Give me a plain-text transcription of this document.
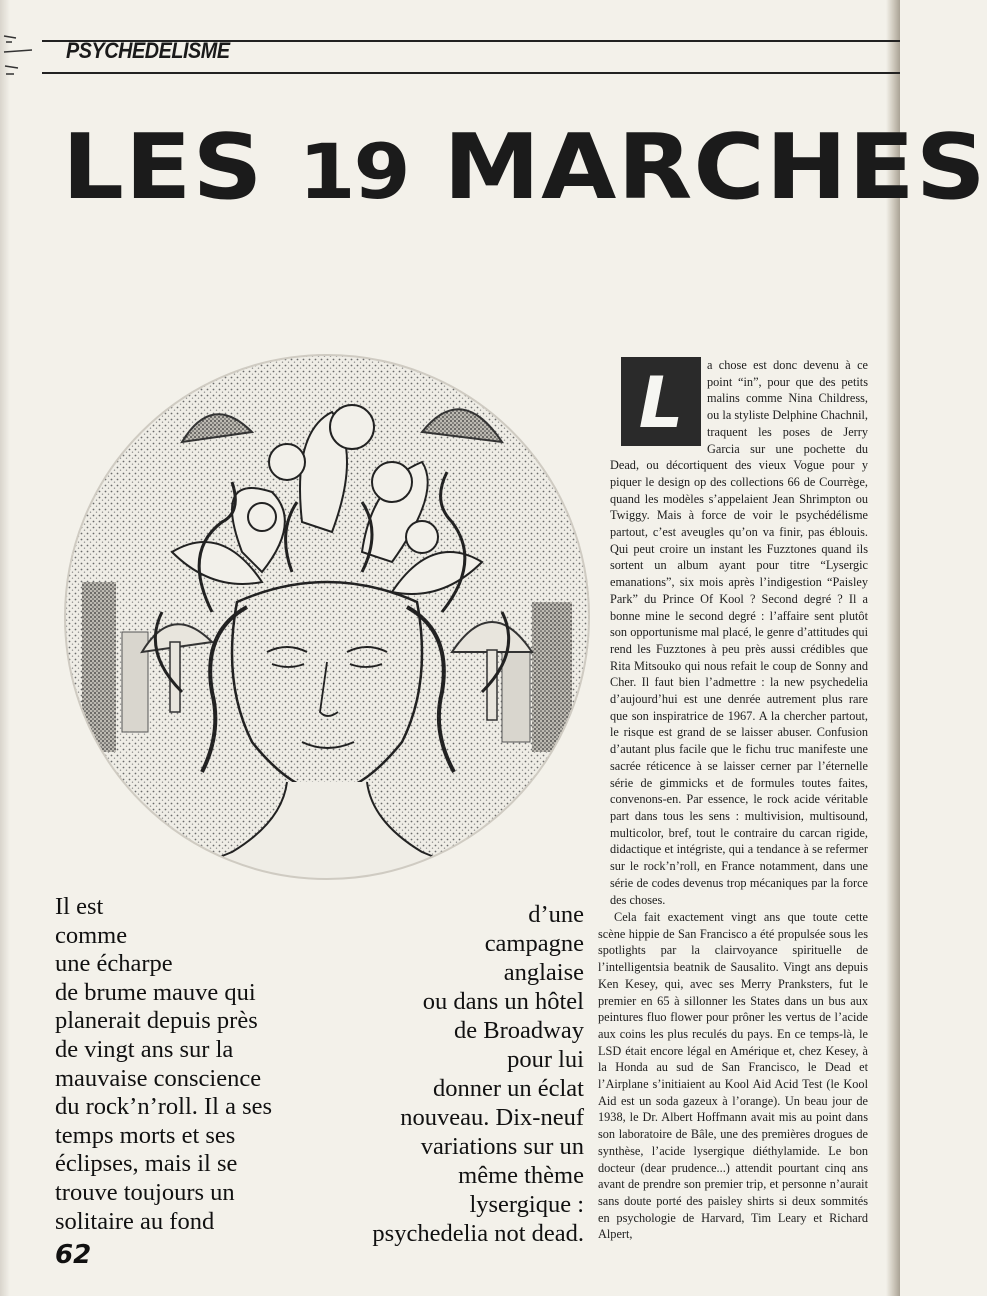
PSYCHEDELISME
LES 19 MARCHES
L	a chose est donc devenu à ce point “in”, pour que des petits malins comme Nina Childress, ou la styliste Delphine Chachnil, traquent les poses de Jerry Garcia sur une pochette du Dead, ou décortiquent des vieux Vogue pour y piquer le design op des collections 66 de Courrège, quand les modèles s’appelaient Jean Shrimpton ou Twiggy. Mais à force de voir le psychédélisme partout, c’est aveugles qu’on va finir, pas éblouis. Qui peut croire un instant les Fuzztones quand ils sortent un album ayant pour titre “Lysergic emanations”, six mois après l’indigestion “Paisley Park” du Prince Of Kool ? Second degré ? Il a bonne mine le second degré : l’affaire sent plutôt son opportunisme mal placé, le genre d’attitudes qui rend les Fuzztones à peu près aussi crédibles que Rita Mitsouko qui nous refait le coup de Sonny and Cher. Il faut bien l’admettre : la new psychedelia d’aujourd’hui est une denrée autrement plus rare que son inspiratrice de 1967. A la chercher partout, le risque est grand de se laisser abuser. Confusion d’autant plus facile que le fichu truc manifeste une sacrée réticence à se laisser cerner par l’éternelle série de gimmicks et de formules toutes faites, convenons-en. Par essence, le rock acide véritable part dans tous les sens : multivision, multisound, multicolor, bref, tout le contraire du carcan rigide, didactique et intégriste, qui a tendance à se refermer sur le rock’n’roll, en France notamment, dans une série de codes devenus trop mécaniques par la force des choses.

Cela fait exactement vingt ans que toute cette scène hippie de San Francisco a été propulsée sous les spotlights par la clairvoyance spirituelle de l’intelligentsia beatnik de Sausalito. Vingt ans depuis Ken Kesey, qui, avec ses Merry Pranksters, fut le premier en 65 à sillonner les States dans un bus aux peintures fluo flower pour prôner les vertus de l’acide aux coins les plus reculés du pays. En ce temps-là, le LSD était encore légal en Amérique et, chez Kesey, à la Honda au sud de San Francisco, le Dead et l’Airplane s’initiaient au Kool Aid Acid Test (le Kool Aid est un soda gazeux à l’orange). Un beau jour de 1938, le Dr. Albert Hoffmann avait mis au point dans son laboratoire de Bâle, une des premières drogues de synthèse, l’acide lysergique diéthylamide. Le bon docteur (dear prudence...) attendit pourtant cinq ans avant de prendre son premier trip, et personne n’aurait sans doute porté des paisley shirts si deux sommités en psychologie de Harvard, Tim Leary et Richard Alpert,

Il est
comme
une écharpe
de brume mauve qui
planerait depuis près
de vingt ans sur la
mauvaise conscience
du rock’n’roll. Il a ses
temps morts et ses
éclipses, mais il se
trouve toujours un
solitaire au fond
d’une
campagne
anglaise
ou dans un hôtel
de Broadway
pour lui
donner un éclat
nouveau. Dix-neuf
variations sur un
même thème
lysergique :
psychedelia not dead.
62
